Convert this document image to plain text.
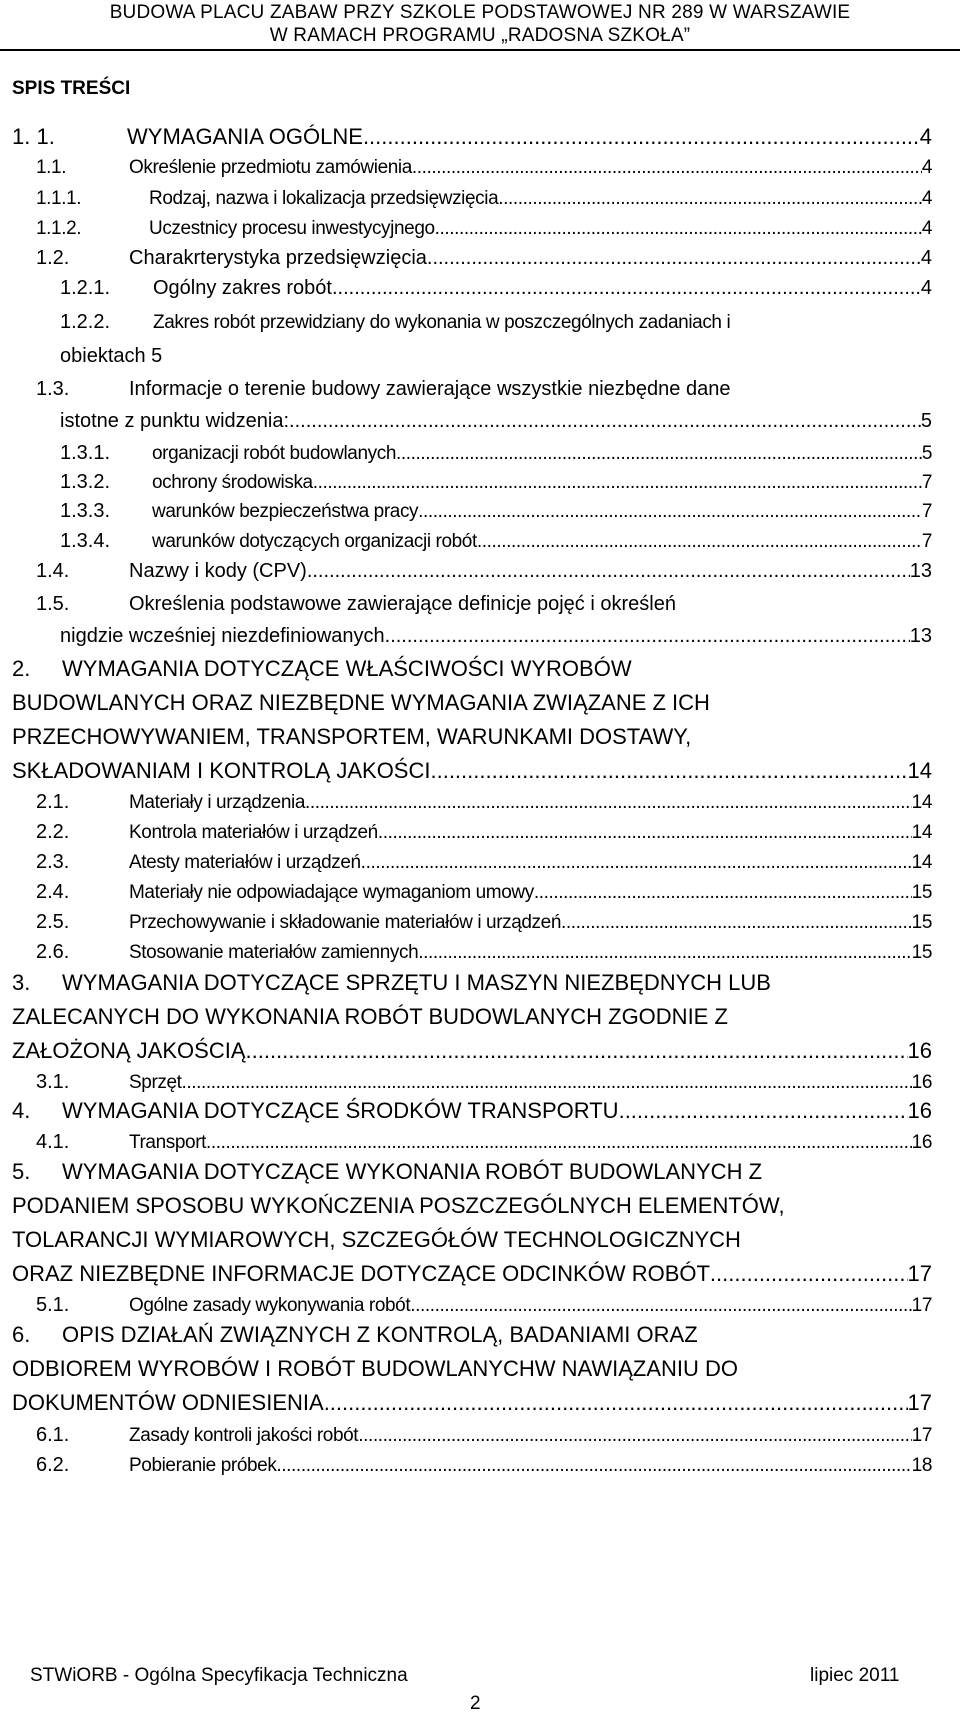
BUDOWA PLACU ZABAW PRZY SZKOLE PODSTAWOWEJ NR 289 W WARSZAWIE
W RAMACH PROGRAMU „RADOSNA SZKOŁA”
SPIS TREŚCI
1. 1.	WYMAGANIA OGÓLNE .....	4
1.1.	Określenie przedmiotu zamówienia .....	4
1.1.1.	Rodzaj, nazwa i lokalizacja przedsięwzięcia .....	4
1.1.2.	Uczestnicy procesu inwestycyjnego .....	4
1.2.	Charakrterystyka przedsięwzięcia .....	4
1.2.1.	Ogólny zakres robót .....	4
1.2.2.	Zakres robót przewidziany do wykonania w poszczególnych zadaniach i
obiektach 5
1.3.	Informacje o terenie budowy zawierające wszystkie niezbędne dane
istotne z punktu widzenia: .....	5
1.3.1.	organizacji robót budowlanych .....	5
1.3.2.	ochrony środowiska .....	7
1.3.3.	warunków bezpieczeństwa pracy .....	7
1.3.4.	warunków dotyczących organizacji robót .....	7
1.4.	Nazwy i kody (CPV) .....	13
1.5.	Określenia podstawowe zawierające definicje pojęć i określeń
nigdzie wcześniej niezdefiniowanych .....	13
2.	WYMAGANIA DOTYCZĄCE WŁAŚCIWOŚCI WYROBÓW
BUDOWLANYCH ORAZ NIEZBĘDNE WYMAGANIA ZWIĄZANE Z ICH
PRZECHOWYWANIEM, TRANSPORTEM, WARUNKAMI DOSTAWY,
SKŁADOWANIAM I KONTROLĄ JAKOŚCI .....	14
2.1.	Materiały i urządzenia .....	14
2.2.	Kontrola materiałów i urządzeń .....	14
2.3.	Atesty materiałów i urządzeń. .....	14
2.4.	Materiały nie odpowiadające wymaganiom umowy .....	15
2.5.	Przechowywanie i składowanie materiałów i urządzeń .....	15
2.6.	Stosowanie materiałów zamiennych .....	15
3.	WYMAGANIA DOTYCZĄCE SPRZĘTU I MASZYN NIEZBĘDNYCH LUB
ZALECANYCH DO WYKONANIA ROBÓT BUDOWLANYCH ZGODNIE Z
ZAŁOŻONĄ JAKOŚCIĄ .....	16
3.1.	Sprzęt .....	16
4.	WYMAGANIA DOTYCZĄCE ŚRODKÓW TRANSPORTU .....	16
4.1.	Transport .....	16
5.	WYMAGANIA DOTYCZĄCE WYKONANIA ROBÓT BUDOWLANYCH Z
PODANIEM SPOSOBU WYKOŃCZENIA POSZCZEGÓLNYCH ELEMENTÓW,
TOLARANCJI WYMIAROWYCH, SZCZEGÓŁÓW TECHNOLOGICZNYCH
ORAZ NIEZBĘDNE INFORMACJE DOTYCZĄCE ODCINKÓW ROBÓT .....	17
5.1.	Ogólne zasady wykonywania robót .....	17
6.	OPIS DZIAŁAŃ ZWIĄZNYCH Z KONTROLĄ, BADANIAMI ORAZ
ODBIOREM WYROBÓW I ROBÓT BUDOWLANYCHW NAWIĄZANIU DO
DOKUMENTÓW ODNIESIENIA .....	17
6.1.	Zasady kontroli jakości robót .....	17
6.2.	Pobieranie próbek .....	18
STWiORB - Ogólna Specyfikacja Techniczna	lipiec 2011
2
